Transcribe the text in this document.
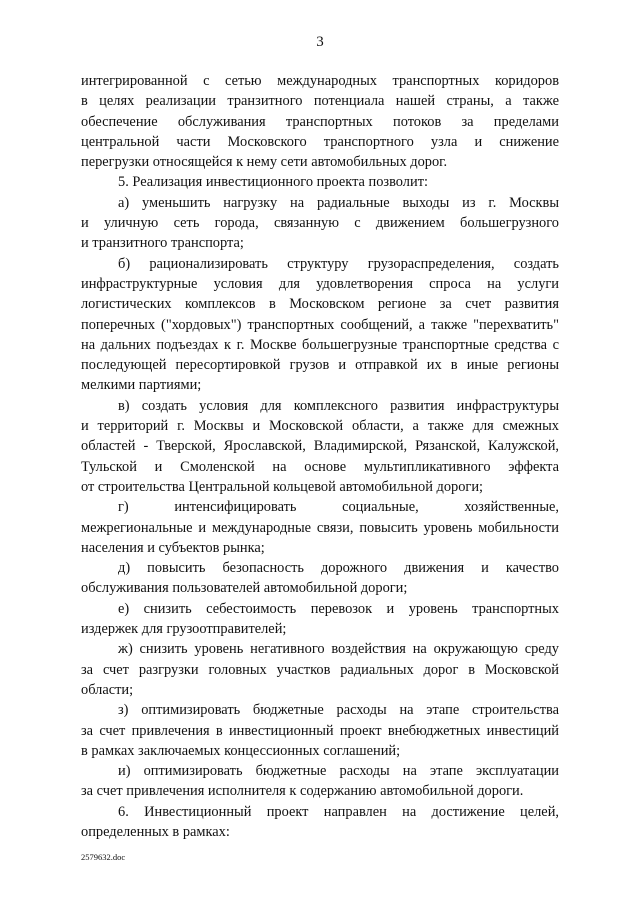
3
интегрированной с сетью международных транспортных коридоров
в целях реализации транзитного потенциала нашей страны, а также
обеспечение обслуживания транспортных потоков за пределами
центральной части Московского транспортного узла и снижение
перегрузки относящейся к нему сети автомобильных дорог.
5. Реализация инвестиционного проекта позволит:
а) уменьшить нагрузку на радиальные выходы из г. Москвы
и уличную сеть города, связанную с движением большегрузного
и транзитного транспорта;
б) рационализировать структуру грузораспределения, создать
инфраструктурные условия для удовлетворения спроса на услуги
логистических комплексов в Московском регионе за счет развития
поперечных ("хордовых") транспортных сообщений, а также "перехватить"
на дальних подъездах к г. Москве большегрузные транспортные средства с
последующей пересортировкой грузов и отправкой их в иные регионы
мелкими партиями;
в) создать условия для комплексного развития инфраструктуры
и территорий г. Москвы и Московской области, а также для смежных
областей - Тверской, Ярославской, Владимирской, Рязанской, Калужской,
Тульской и Смоленской на основе мультипликативного эффекта
от строительства Центральной кольцевой автомобильной дороги;
г) интенсифицировать социальные, хозяйственные,
межрегиональные и международные связи, повысить уровень мобильности
населения и субъектов рынка;
д) повысить безопасность дорожного движения и качество
обслуживания пользователей автомобильной дороги;
е) снизить себестоимость перевозок и уровень транспортных
издержек для грузоотправителей;
ж) снизить уровень негативного воздействия на окружающую среду
за счет разгрузки головных участков радиальных дорог в Московской
области;
з) оптимизировать бюджетные расходы на этапе строительства
за счет привлечения в инвестиционный проект внебюджетных инвестиций
в рамках заключаемых концессионных соглашений;
и) оптимизировать бюджетные расходы на этапе эксплуатации
за счет привлечения исполнителя к содержанию автомобильной дороги.
6. Инвестиционный проект направлен на достижение целей,
определенных в рамках:
2579632.doc
